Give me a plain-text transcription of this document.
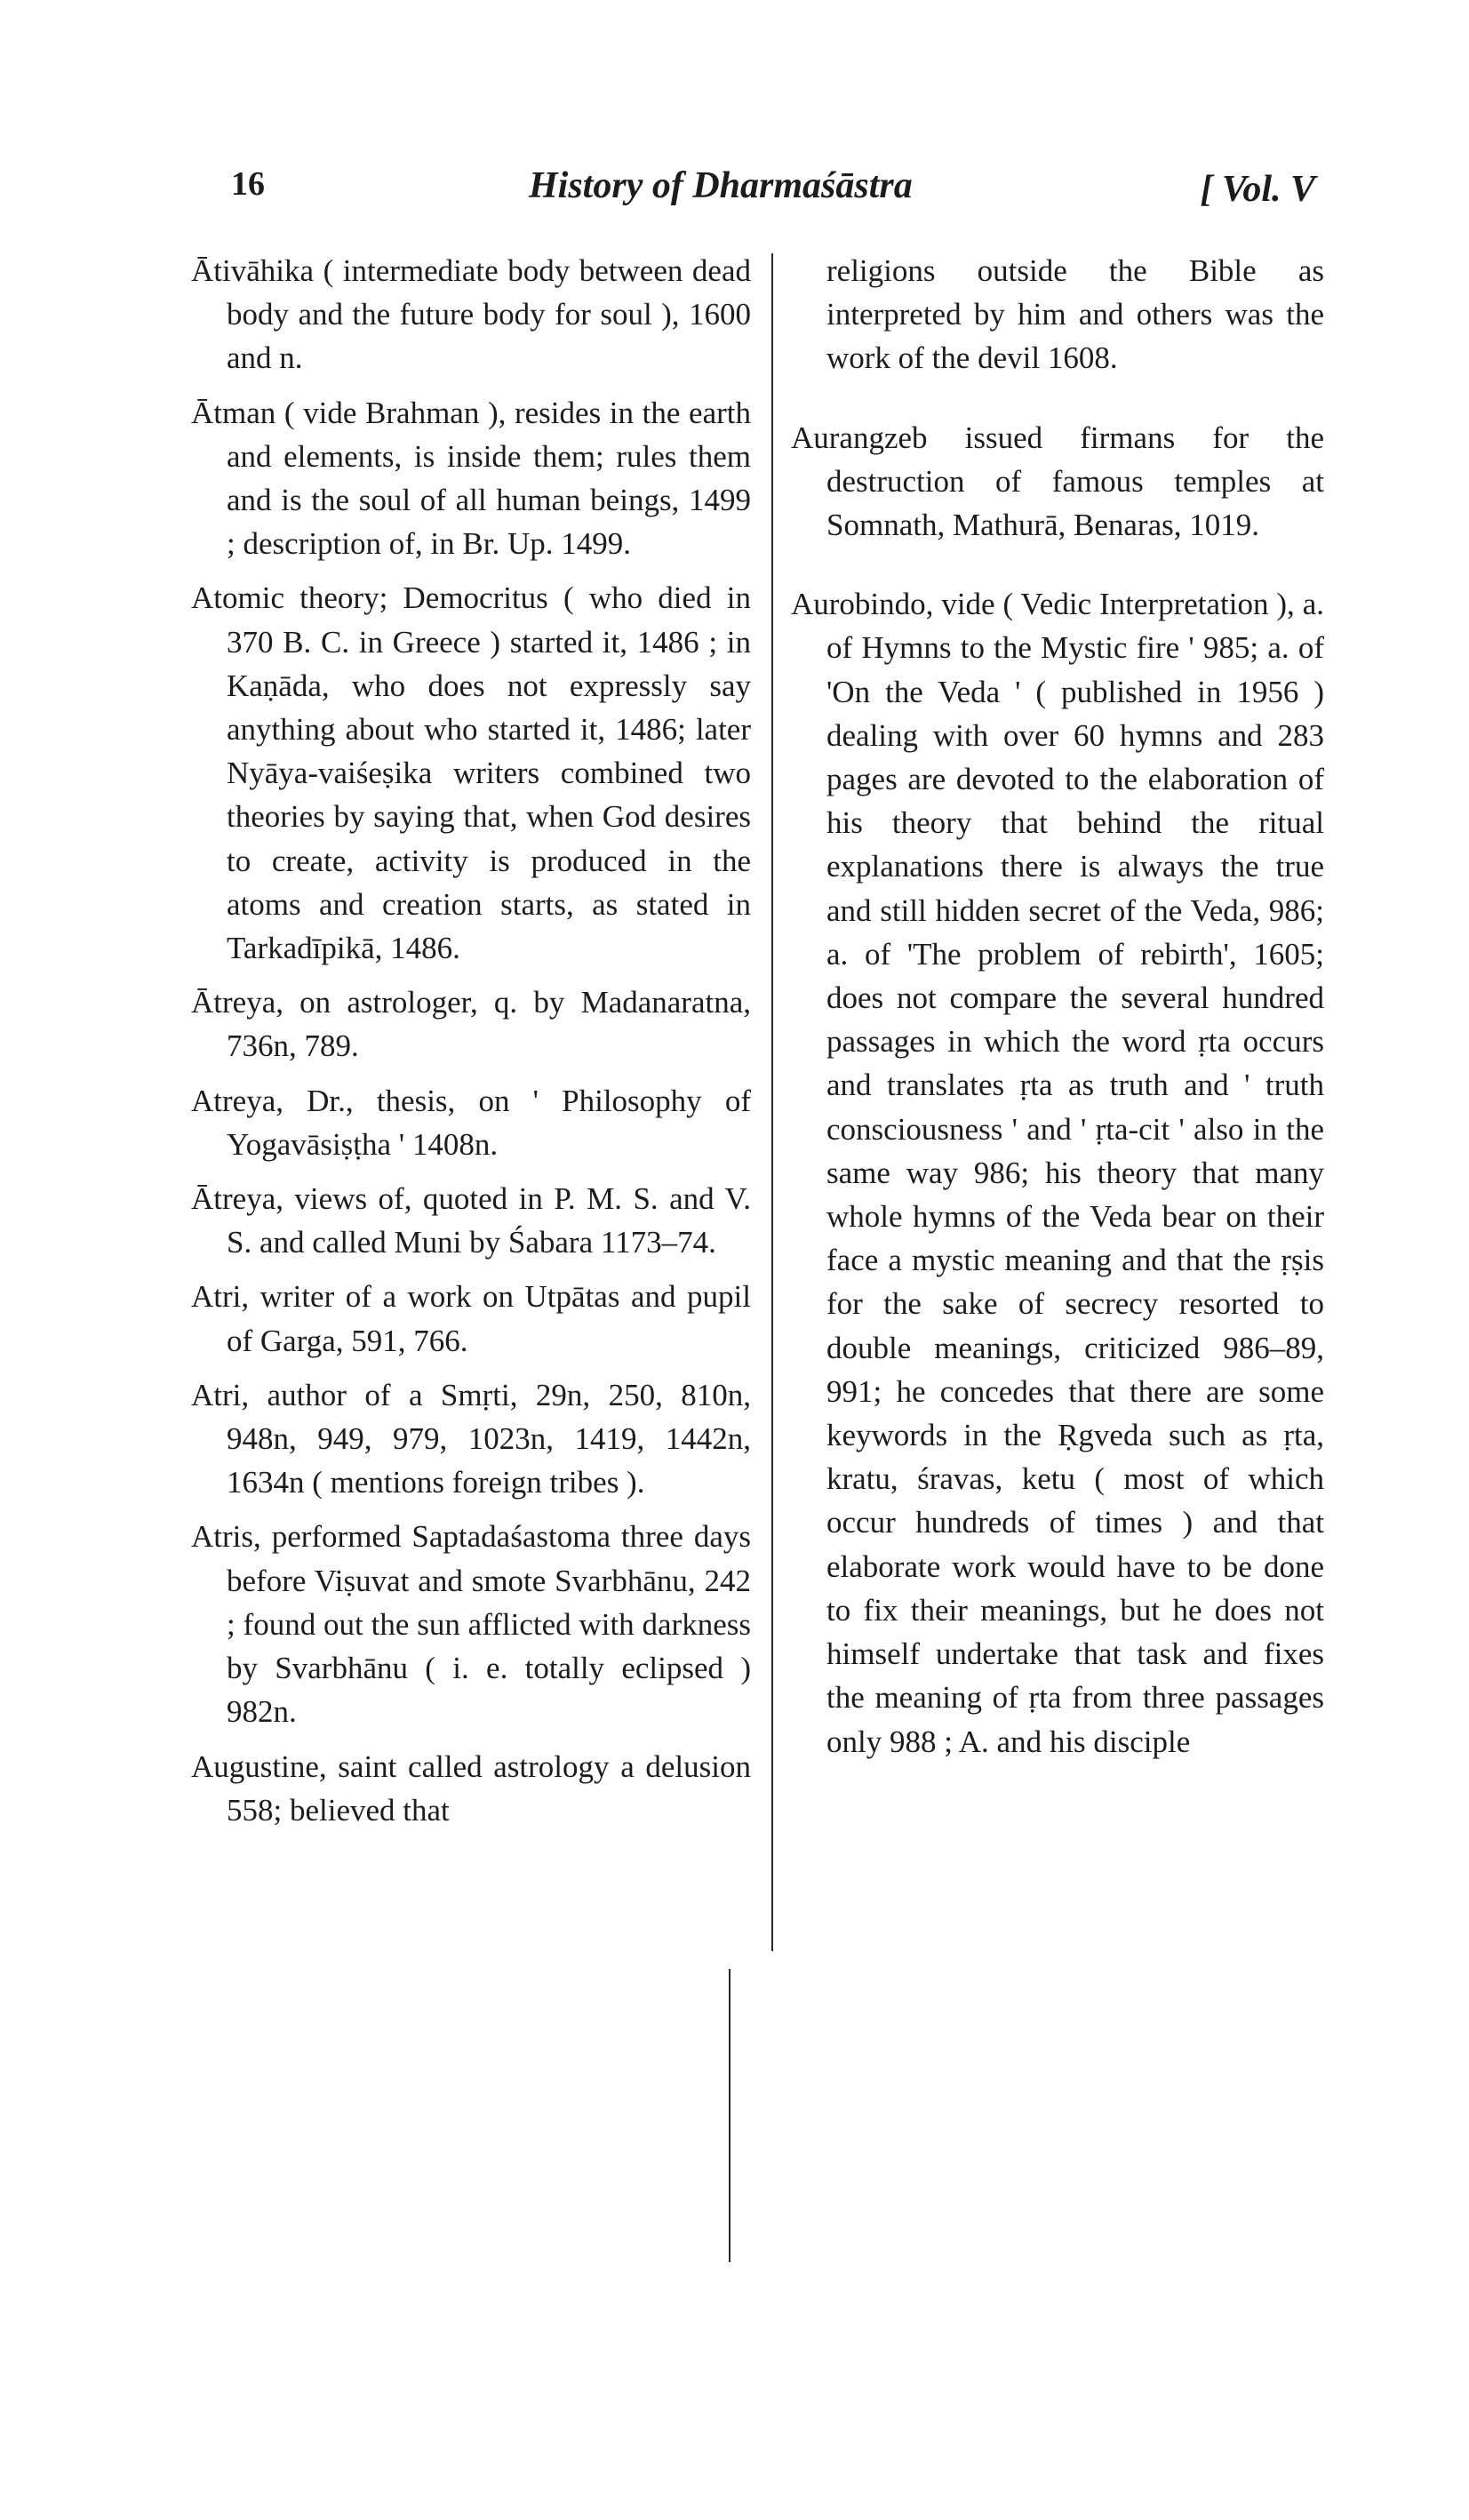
16	History of Dharmaśāstra	[ Vol. V

Ātivāhika ( intermediate body between dead body and the future body for soul ), 1600 and n.

Ātman ( vide Brahman ), resides in the earth and elements, is inside them; rules them and is the soul of all human beings, 1499 ; description of, in Br. Up. 1499.

Atomic theory; Democritus ( who died in 370 B. C. in Greece ) started it, 1486 ; in Kaṇāda, who does not expressly say anything about who started it, 1486; later Nyāya-vaiśeṣika writers combined two theories by saying that, when God desires to create, activity is produced in the atoms and creation starts, as stated in Tarkadīpikā, 1486.

Ātreya, on astrologer, q. by Madanaratna, 736n, 789.

Atreya, Dr., thesis, on ' Philosophy of Yogavāsiṣṭha ' 1408n.

Ātreya, views of, quoted in P. M. S. and V. S. and called Muni by Śabara 1173–74.

Atri, writer of a work on Utpātas and pupil of Garga, 591, 766.

Atri, author of a Smṛti, 29n, 250, 810n, 948n, 949, 979, 1023n, 1419, 1442n, 1634n ( mentions foreign tribes ).

Atris, performed Saptadaśastoma three days before Viṣuvat and smote Svarbhānu, 242 ; found out the sun afflicted with darkness by Svarbhānu ( i. e. totally eclipsed ) 982n.

Augustine, saint called astrology a delusion 558; believed that

religions outside the Bible as interpreted by him and others was the work of the devil 1608.

Aurangzeb issued firmans for the destruction of famous temples at Somnath, Mathurā, Benaras, 1019.

Aurobindo, vide ( Vedic Interpretation ), a. of Hymns to the Mystic fire ' 985; a. of 'On the Veda ' ( published in 1956 ) dealing with over 60 hymns and 283 pages are devoted to the elaboration of his theory that behind the ritual explanations there is always the true and still hidden secret of the Veda, 986; a. of 'The problem of rebirth', 1605; does not compare the several hundred passages in which the word ṛta occurs and translates ṛta as truth and ' truth consciousness ' and ' ṛta-cit ' also in the same way 986; his theory that many whole hymns of the Veda bear on their face a mystic meaning and that the ṛṣis for the sake of secrecy resorted to double meanings, criticized 986–89, 991; he concedes that there are some keywords in the Ṛgveda such as ṛta, kratu, śravas, ketu ( most of which occur hundreds of times ) and that elaborate work would have to be done to fix their meanings, but he does not himself undertake that task and fixes the meaning of ṛta from three passages only 988 ; A. and his disciple
